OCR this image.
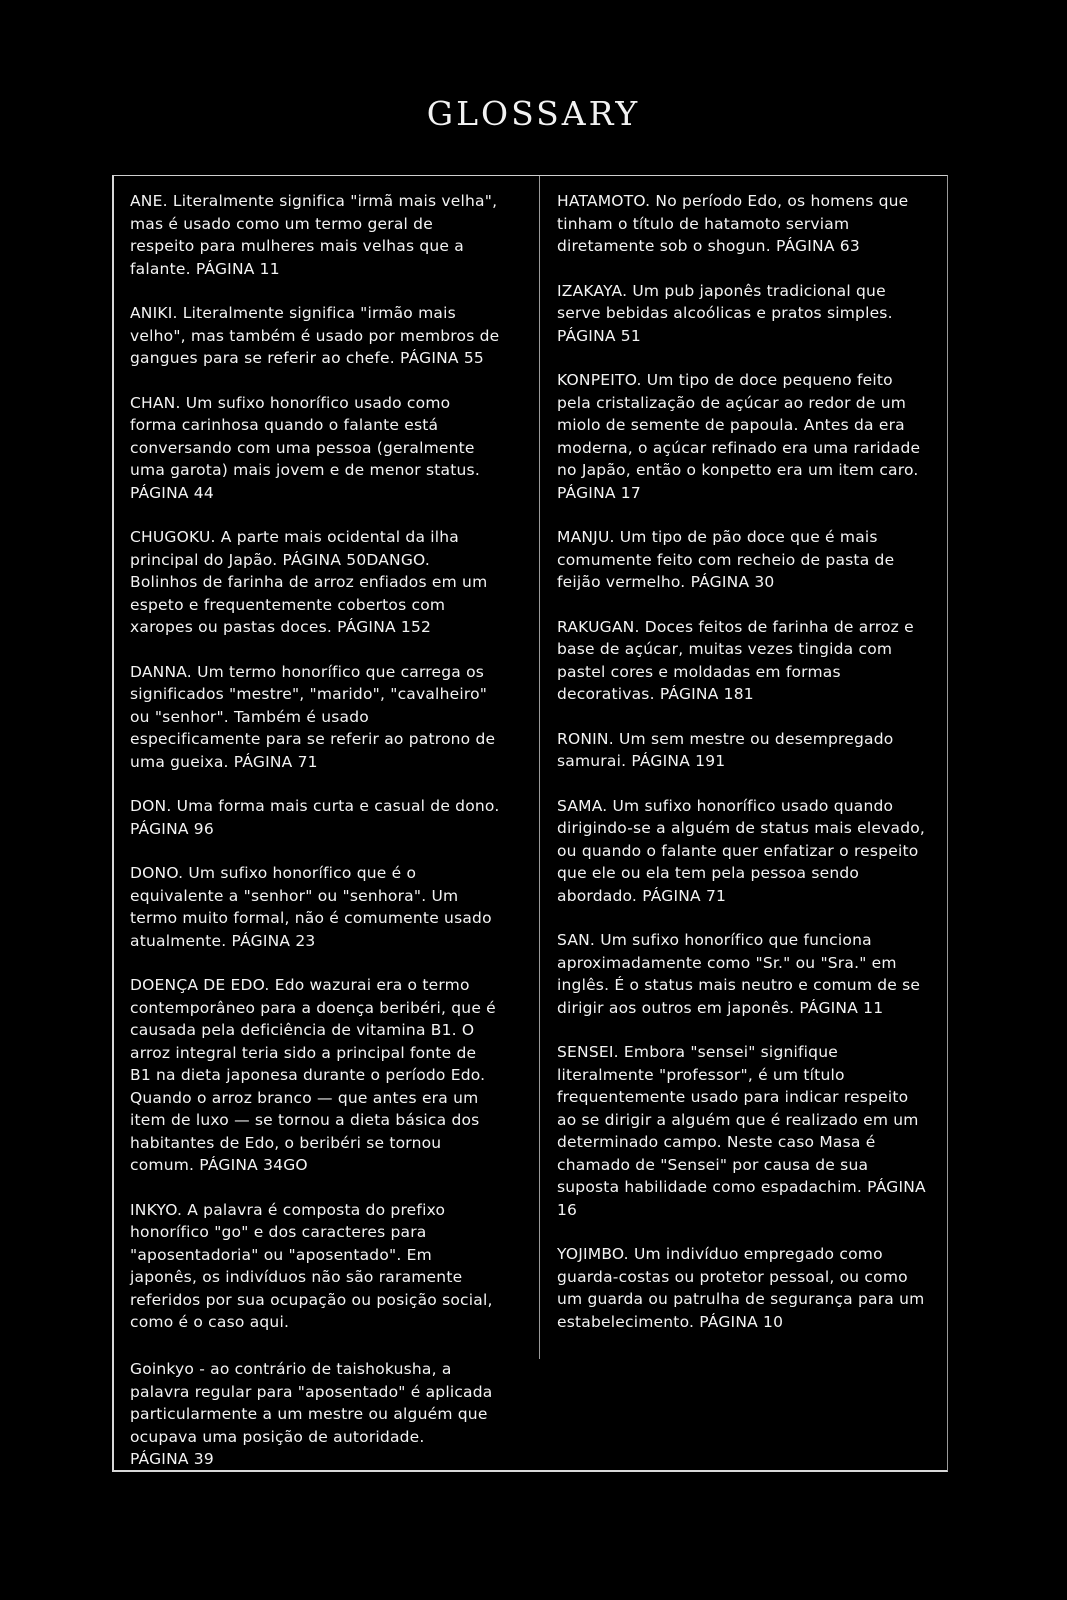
GLOSSARY

ANE. Literalmente significa "irmã mais velha", mas é usado como um termo geral de respeito para mulheres mais velhas que a falante. PÁGINA 11

ANIKI. Literalmente significa "irmão mais velho", mas também é usado por membros de gangues para se referir ao chefe. PÁGINA 55

CHAN. Um sufixo honorífico usado como forma carinhosa quando o falante está conversando com uma pessoa (geralmente uma garota) mais jovem e de menor status. PÁGINA 44

CHUGOKU. A parte mais ocidental da ilha principal do Japão. PÁGINA 50DANGO. Bolinhos de farinha de arroz enfiados em um espeto e frequentemente cobertos com xaropes ou pastas doces. PÁGINA 152

DANNA. Um termo honorífico que carrega os significados "mestre", "marido", "cavalheiro" ou "senhor". Também é usado especificamente para se referir ao patrono de uma gueixa. PÁGINA 71

DON. Uma forma mais curta e casual de dono. PÁGINA 96

DONO. Um sufixo honorífico que é o equivalente a "senhor" ou "senhora". Um termo muito formal, não é comumente usado atualmente. PÁGINA 23

DOENÇA DE EDO. Edo wazurai era o termo contemporâneo para a doença beribéri, que é causada pela deficiência de vitamina B1. O arroz integral teria sido a principal fonte de B1 na dieta japonesa durante o período Edo. Quando o arroz branco — que antes era um item de luxo — se tornou a dieta básica dos habitantes de Edo, o beribéri se tornou comum. PÁGINA 34GO

INKYO. A palavra é composta do prefixo honorífico "go" e dos caracteres para "aposentadoria" ou "aposentado". Em japonês, os indivíduos não são raramente referidos por sua ocupação ou posição social, como é o caso aqui.

Goinkyo - ao contrário de taishokusha, a palavra regular para "aposentado" é aplicada particularmente a um mestre ou alguém que ocupava uma posição de autoridade.
PÁGINA 39

HATAMOTO. No período Edo, os homens que tinham o título de hatamoto serviam diretamente sob o shogun. PÁGINA 63

IZAKAYA. Um pub japonês tradicional que serve bebidas alcoólicas e pratos simples. PÁGINA 51

KONPEITO. Um tipo de doce pequeno feito pela cristalização de açúcar ao redor de um miolo de semente de papoula. Antes da era moderna, o açúcar refinado era uma raridade no Japão, então o konpetto era um item caro. PÁGINA 17

MANJU. Um tipo de pão doce que é mais comumente feito com recheio de pasta de feijão vermelho. PÁGINA 30

RAKUGAN. Doces feitos de farinha de arroz e base de açúcar, muitas vezes tingida com pastel cores e moldadas em formas decorativas. PÁGINA 181

RONIN. Um sem mestre ou desempregado samurai. PÁGINA 191

SAMA. Um sufixo honorífico usado quando dirigindo-se a alguém de status mais elevado, ou quando o falante quer enfatizar o respeito que ele ou ela tem pela pessoa sendo abordado. PÁGINA 71

SAN. Um sufixo honorífico que funciona aproximadamente como "Sr." ou "Sra." em inglês. É o status mais neutro e comum de se dirigir aos outros em japonês. PÁGINA 11

SENSEI. Embora "sensei" signifique literalmente "professor", é um título frequentemente usado para indicar respeito ao se dirigir a alguém que é realizado em um determinado campo. Neste caso Masa é chamado de "Sensei" por causa de sua suposta habilidade como espadachim. PÁGINA 16

YOJIMBO. Um indivíduo empregado como guarda-costas ou protetor pessoal, ou como um guarda ou patrulha de segurança para um estabelecimento. PÁGINA 10
